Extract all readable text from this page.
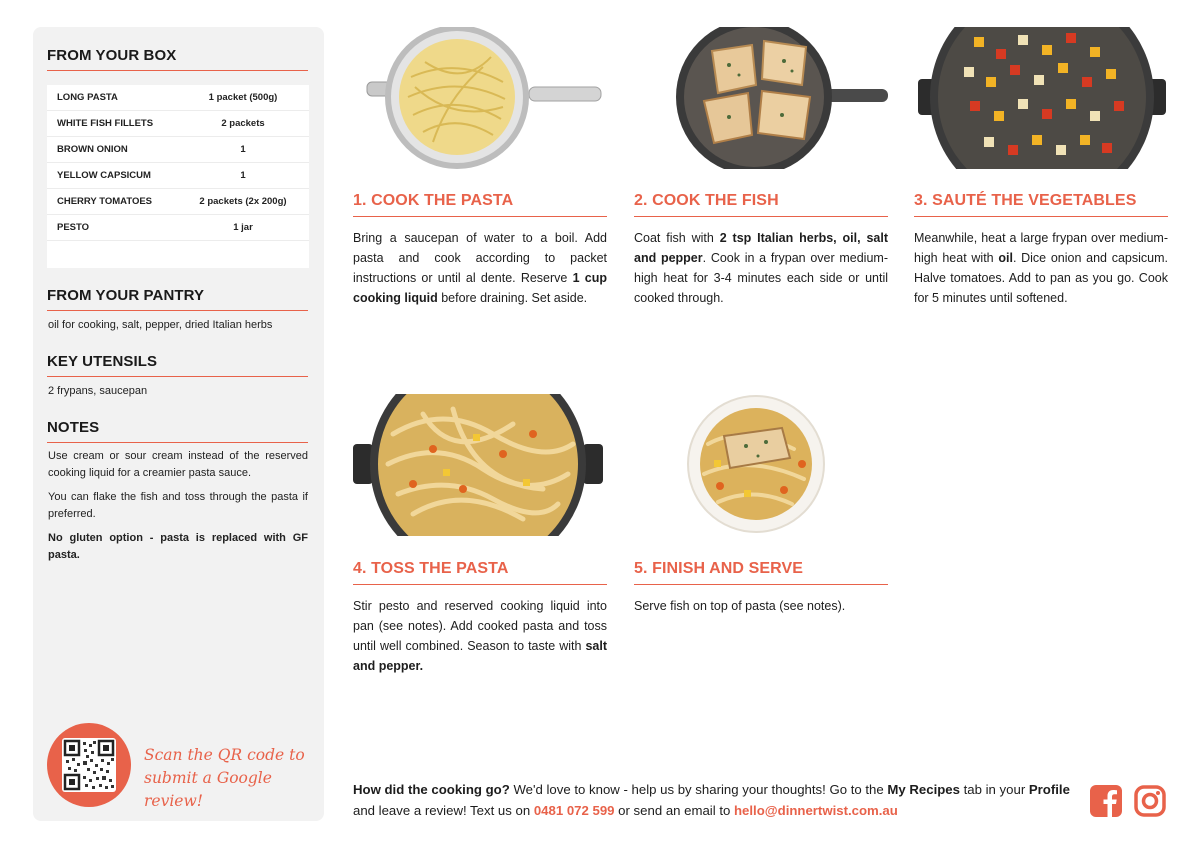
FROM YOUR BOX
LONG PASTA	1 packet (500g)
WHITE FISH FILLETS	2 packets
BROWN ONION	1
YELLOW CAPSICUM	1
CHERRY TOMATOES	2 packets (2x 200g)
PESTO	1 jar
FROM YOUR PANTRY
oil for cooking, salt, pepper, dried Italian herbs
KEY UTENSILS
2 frypans, saucepan
NOTES

Use cream or sour cream instead of the reserved cooking liquid for a creamier pasta sauce.

You can flake the fish and toss through the pasta if preferred.

No gluten option - pasta is replaced with GF pasta.

Scan the QR code to
submit a Google review!
1. COOK THE PASTA
Bring a saucepan of water to a boil. Add pasta and cook according to packet instructions or until al dente. Reserve 1 cup cooking liquid before draining. Set aside.
2. COOK THE FISH
Coat fish with 2 tsp Italian herbs, oil, salt and pepper. Cook in a frypan over medium-high heat for 3-4 minutes each side or until cooked through.
3. SAUTÉ THE VEGETABLES
Meanwhile, heat a large frypan over medium-high heat with oil. Dice onion and capsicum. Halve tomatoes. Add to pan as you go. Cook for 5 minutes until softened.
4. TOSS THE PASTA
Stir pesto and reserved cooking liquid into pan (see notes). Add cooked pasta and toss until well combined. Season to taste with salt and pepper.
5. FINISH AND SERVE
Serve fish on top of pasta (see notes).
How did the cooking go? We'd love to know - help us by sharing your thoughts! Go to the My Recipes tab in your Profile and leave a review! Text us on 0481 072 599 or send an email to hello@dinnertwist.com.au
